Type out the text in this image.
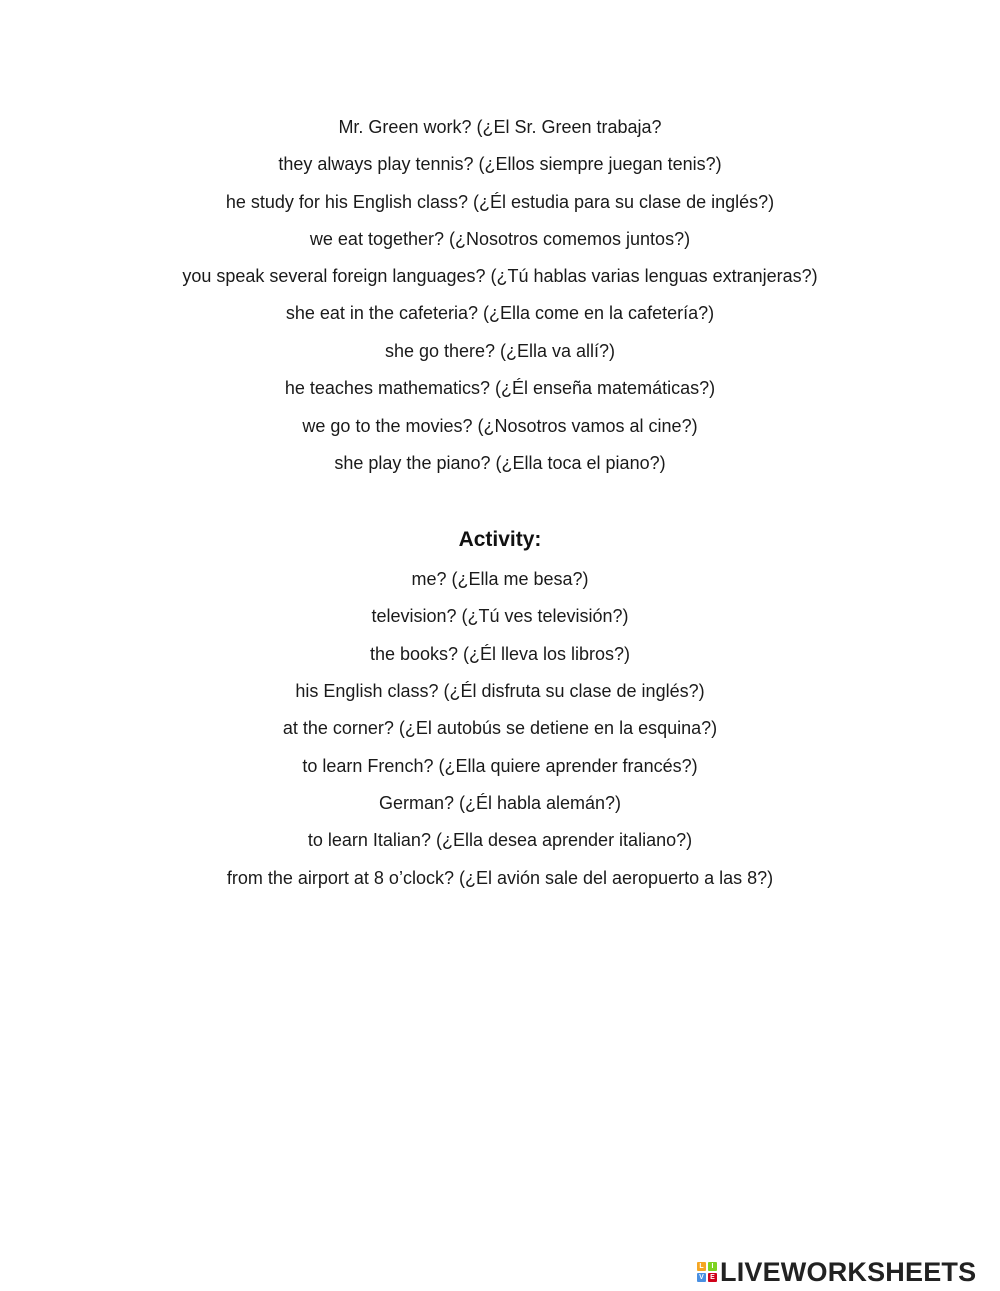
Mr. Green work? (¿El Sr. Green trabaja?
they always play tennis? (¿Ellos siempre juegan tenis?)
he study for his English class? (¿Él estudia para su clase de inglés?)
we eat together? (¿Nosotros comemos juntos?)
you speak several foreign languages? (¿Tú hablas varias lenguas extranjeras?)
she eat in the cafeteria? (¿Ella come en la cafetería?)
she go there? (¿Ella va allí?)
he teaches mathematics? (¿Él enseña matemáticas?)
we go to the movies? (¿Nosotros vamos al cine?)
she play the piano? (¿Ella toca el piano?)
Activity:
me? (¿Ella me besa?)
television? (¿Tú ves televisión?)
the books? (¿Él lleva los libros?)
his English class? (¿Él disfruta su clase de inglés?)
at the corner? (¿El autobús se detiene en la esquina?)
to learn French? (¿Ella quiere aprender francés?)
German? (¿Él habla alemán?)
to learn Italian? (¿Ella desea aprender italiano?)
from the airport at 8 o’clock? (¿El avión sale del aeropuerto a las 8?)
L	I
V E LIVEWORKSHEETS
